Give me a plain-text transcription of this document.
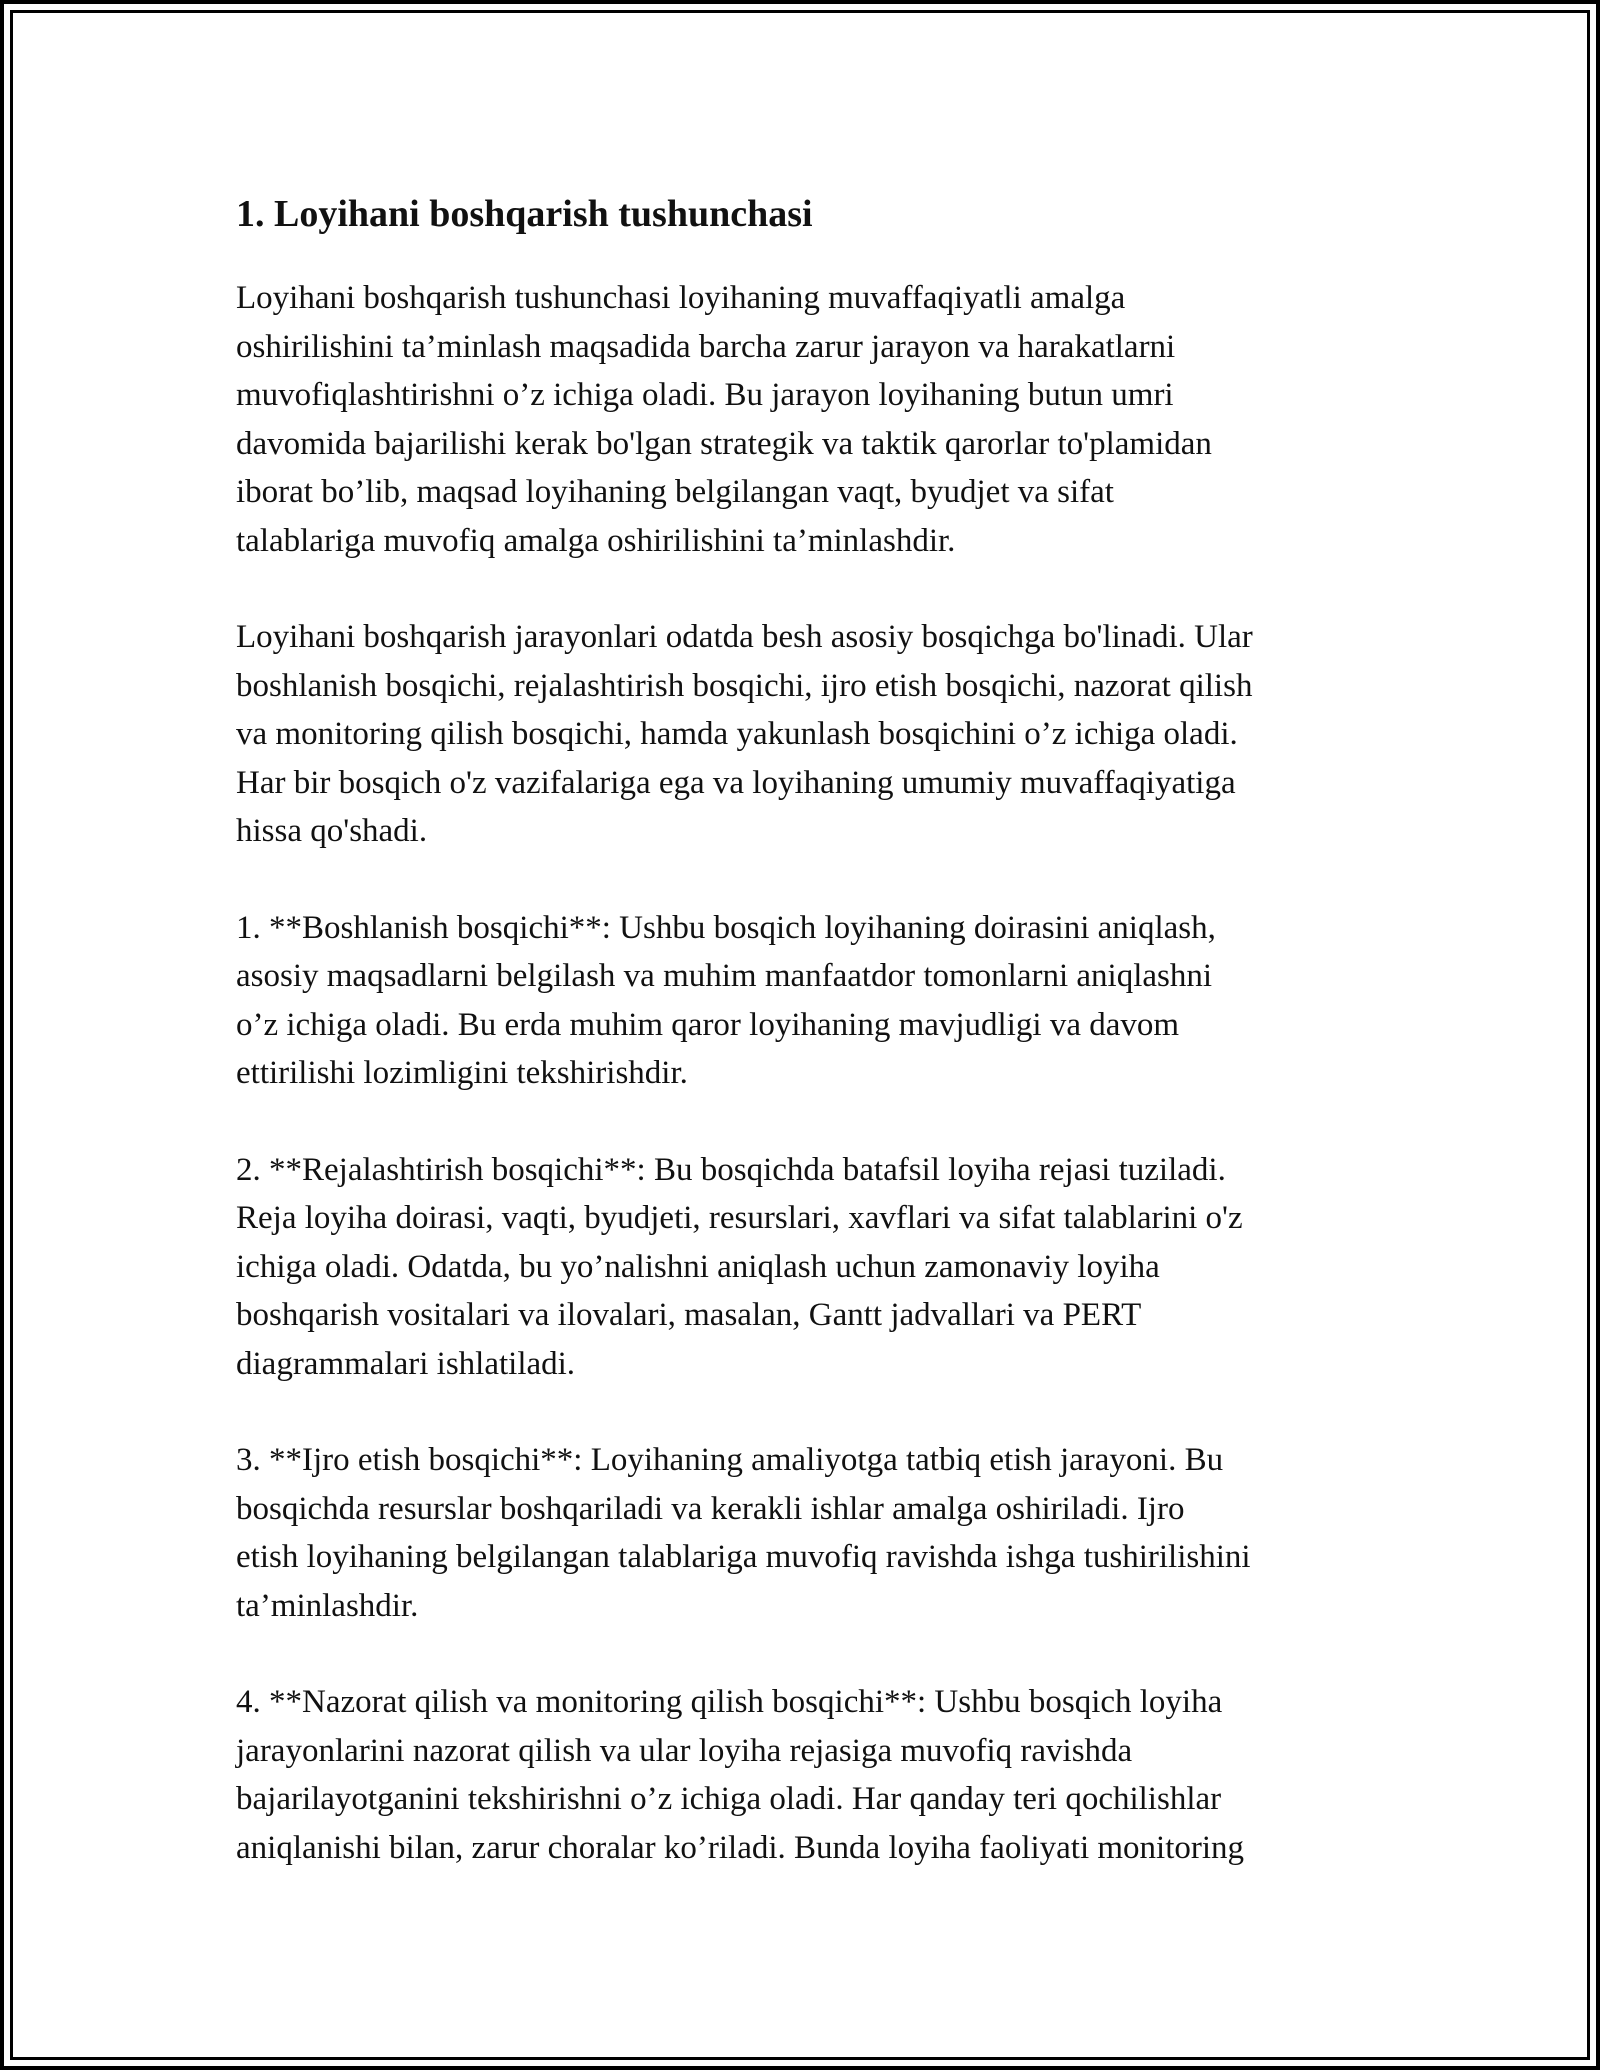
1. Loyihani boshqarish tushunchasi

Loyihani boshqarish tushunchasi loyihaning muvaffaqiyatli amalga
oshirilishini ta’minlash maqsadida barcha zarur jarayon va harakatlarni
muvofiqlashtirishni o’z ichiga oladi. Bu jarayon loyihaning butun umri
davomida bajarilishi kerak bo'lgan strategik va taktik qarorlar to'plamidan
iborat bo’lib, maqsad loyihaning belgilangan vaqt, byudjet va sifat
talablariga muvofiq amalga oshirilishini ta’minlashdir.

Loyihani boshqarish jarayonlari odatda besh asosiy bosqichga bo'linadi. Ular
boshlanish bosqichi, rejalashtirish bosqichi, ijro etish bosqichi, nazorat qilish
va monitoring qilish bosqichi, hamda yakunlash bosqichini o’z ichiga oladi.
Har bir bosqich o'z vazifalariga ega va loyihaning umumiy muvaffaqiyatiga
hissa qo'shadi.

1. **Boshlanish bosqichi**: Ushbu bosqich loyihaning doirasini aniqlash,
asosiy maqsadlarni belgilash va muhim manfaatdor tomonlarni aniqlashni
o’z ichiga oladi. Bu erda muhim qaror loyihaning mavjudligi va davom
ettirilishi lozimligini tekshirishdir.

2. **Rejalashtirish bosqichi**: Bu bosqichda batafsil loyiha rejasi tuziladi.
Reja loyiha doirasi, vaqti, byudjeti, resurslari, xavflari va sifat talablarini o'z
ichiga oladi. Odatda, bu yo’nalishni aniqlash uchun zamonaviy loyiha
boshqarish vositalari va ilovalari, masalan, Gantt jadvallari va PERT
diagrammalari ishlatiladi.

3. **Ijro etish bosqichi**: Loyihaning amaliyotga tatbiq etish jarayoni. Bu
bosqichda resurslar boshqariladi va kerakli ishlar amalga oshiriladi. Ijro
etish loyihaning belgilangan talablariga muvofiq ravishda ishga tushirilishini
ta’minlashdir.

4. **Nazorat qilish va monitoring qilish bosqichi**: Ushbu bosqich loyiha
jarayonlarini nazorat qilish va ular loyiha rejasiga muvofiq ravishda
bajarilayotganini tekshirishni o’z ichiga oladi. Har qanday teri qochilishlar
aniqlanishi bilan, zarur choralar ko’riladi. Bunda loyiha faoliyati monitoring
